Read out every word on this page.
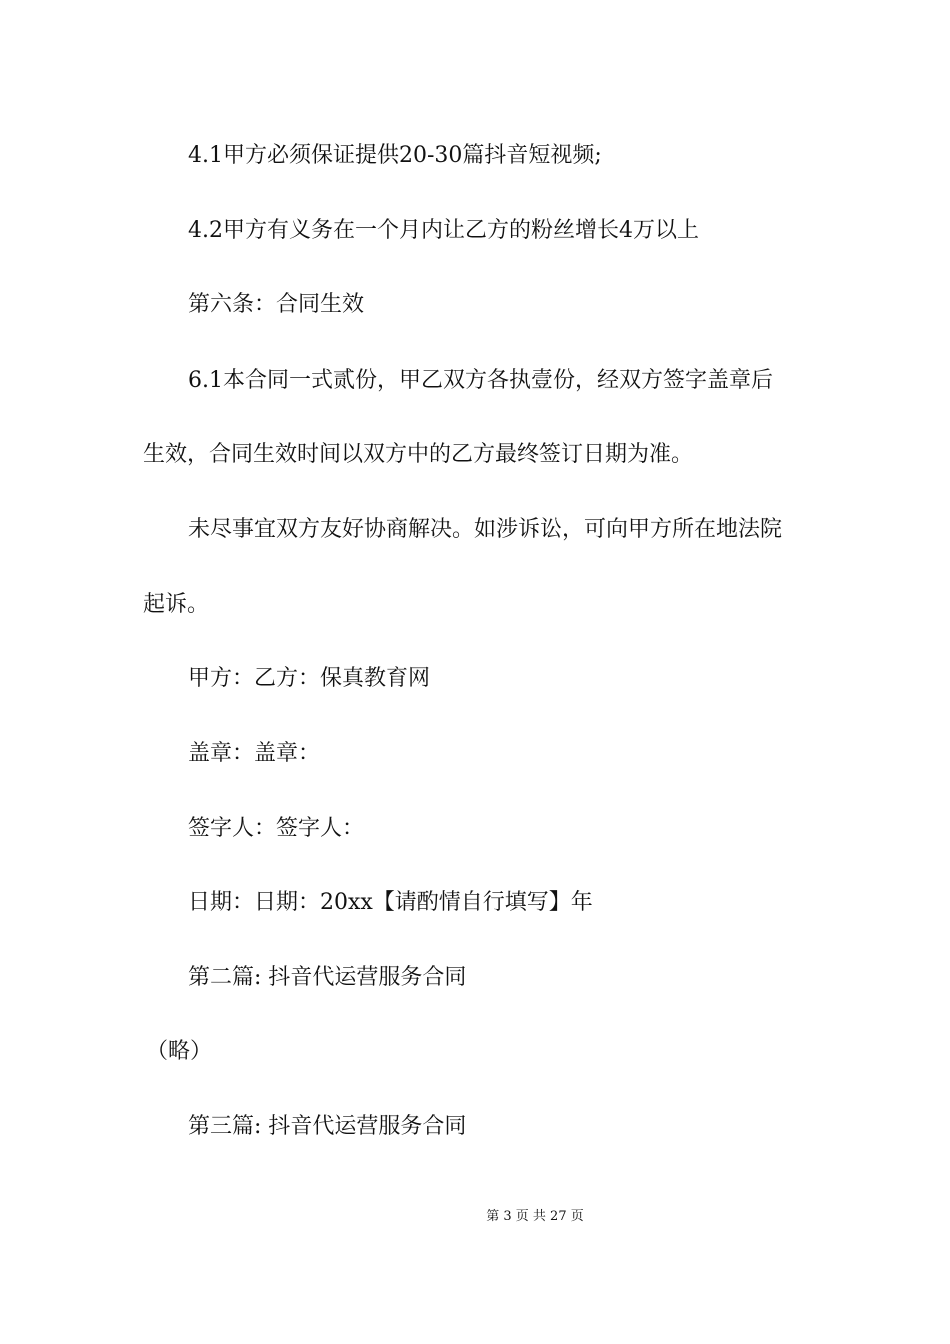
4.1甲方必须保证提供20-30篇抖音短视频;
4.2甲方有义务在一个月内让乙方的粉丝增长4万以上
第六条：合同生效
6.1本合同一式贰份，甲乙双方各执壹份，经双方签字盖章后
生效，合同生效时间以双方中的乙方最终签订日期为准。
未尽事宜双方友好协商解决。如涉诉讼，可向甲方所在地法院
起诉。
甲方：乙方：保真教育网
盖章：盖章：
签字人：签字人：
日期：日期：20xx【请酌情自行填写】年
第二篇: 抖音代运营服务合同
（略）
第三篇: 抖音代运营服务合同
第 3 页 共 27 页
